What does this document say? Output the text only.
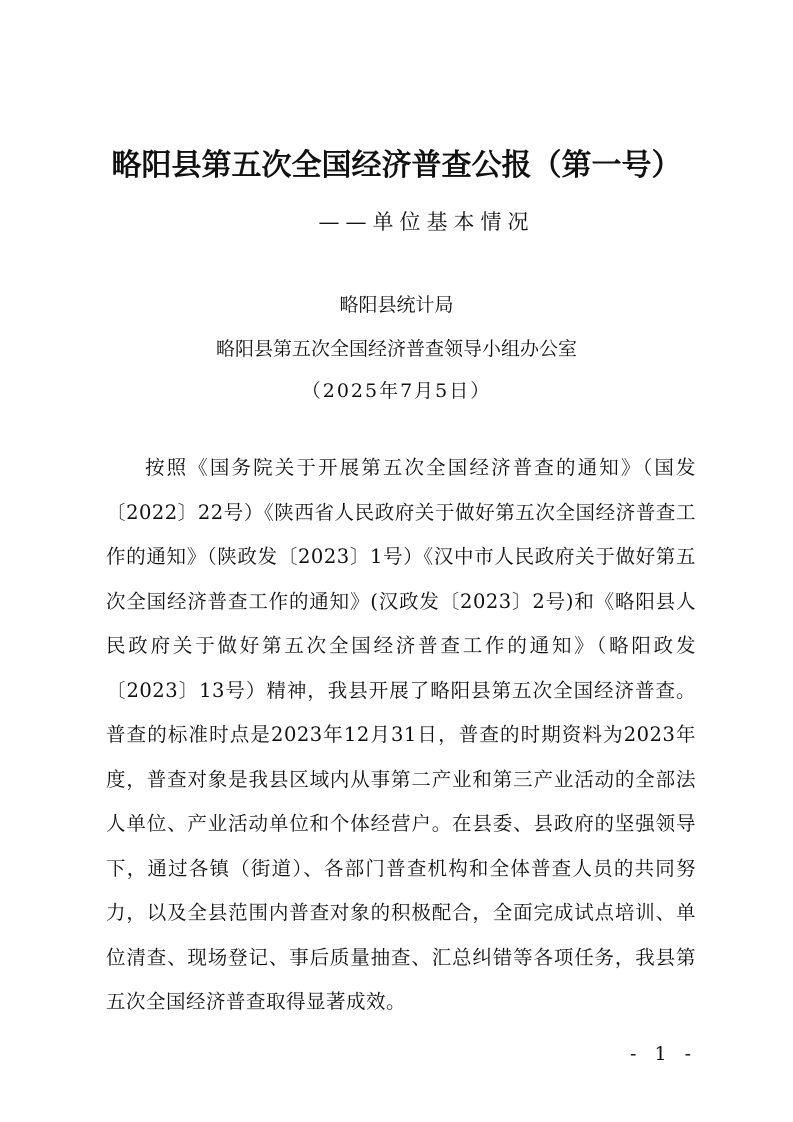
略阳县第五次全国经济普查公报（第一号）
——单位基本情况
略阳县统计局
略阳县第五次全国经济普查领导小组办公室
（2025年7月5日）
按照《国务院关于开展第五次全国经济普查的通知》（国发〔2022〕22号）《陕西省人民政府关于做好第五次全国经济普查工作的通知》（陕政发〔2023〕1号）《汉中市人民政府关于做好第五次全国经济普查工作的通知》(汉政发〔2023〕2号)和《略阳县人民政府关于做好第五次全国经济普查工作的通知》（略阳政发〔2023〕13号）精神，我县开展了略阳县第五次全国经济普查。普查的标准时点是2023年12月31日，普查的时期资料为2023年度，普查对象是我县区域内从事第二产业和第三产业活动的全部法人单位、产业活动单位和个体经营户。在县委、县政府的坚强领导下，通过各镇（街道）、各部门普查机构和全体普查人员的共同努力，以及全县范围内普查对象的积极配合，全面完成试点培训、单位清查、现场登记、事后质量抽查、汇总纠错等各项任务，我县第五次全国经济普查取得显著成效。
- 1 -
